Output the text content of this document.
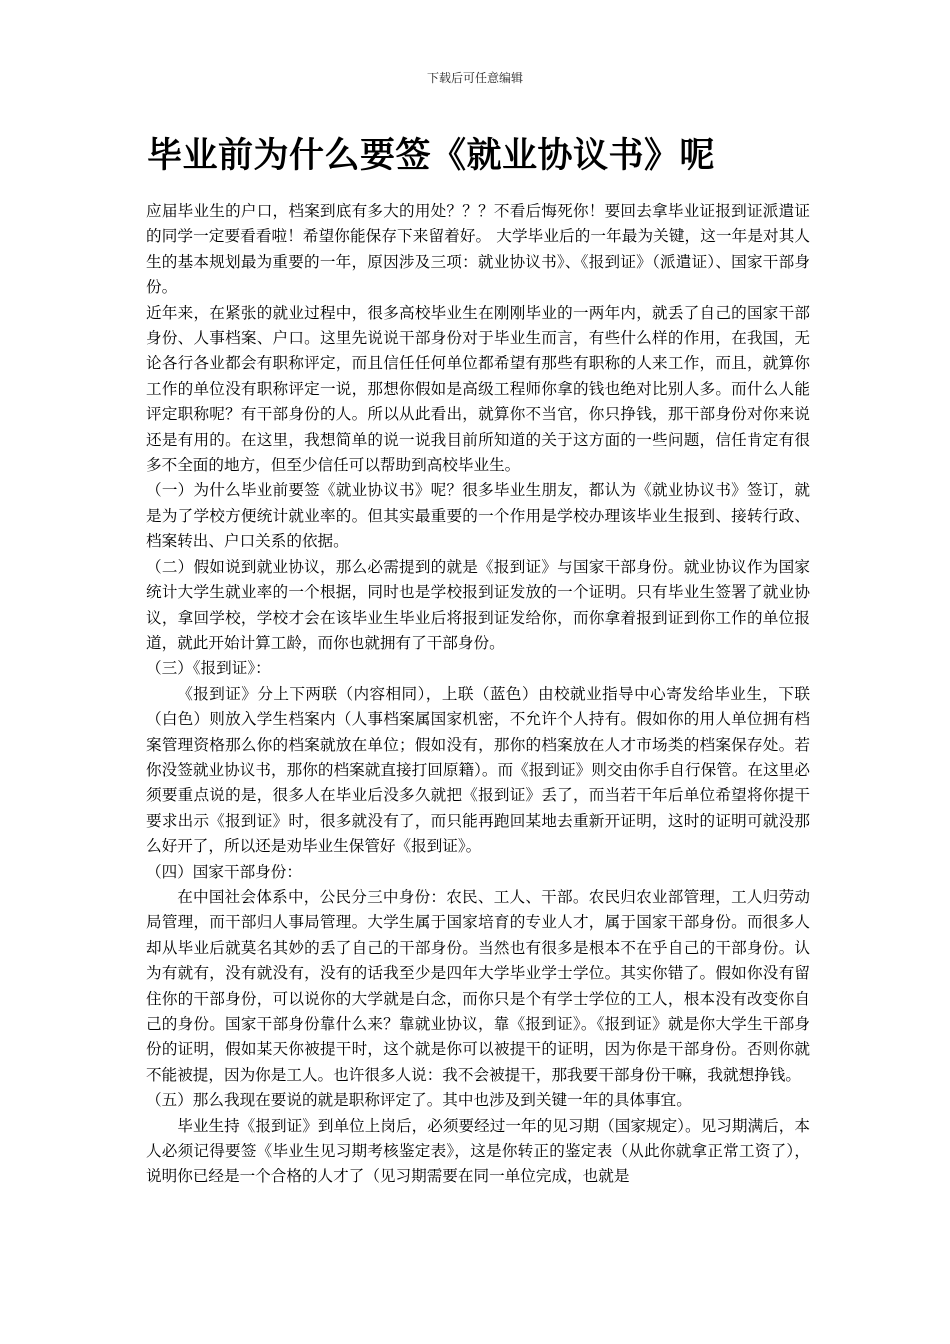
下载后可任意编辑
毕业前为什么要签《就业协议书》呢

应届毕业生的户口，档案到底有多大的用处？？？不看后悔死你！要回去拿毕业证报到证派遣证的同学一定要看看啦！希望你能保存下来留着好。 大学毕业后的一年最为关键，这一年是对其人生的基本规划最为重要的一年，原因涉及三项：就业协议书》、《报到证》（派遣证）、国家干部身份。

近年来，在紧张的就业过程中，很多高校毕业生在刚刚毕业的一两年内，就丢了自己的国家干部身份、人事档案、户口。这里先说说干部身份对于毕业生而言，有些什么样的作用，在我国，无论各行各业都会有职称评定，而且信任任何单位都希望有那些有职称的人来工作，而且，就算你工作的单位没有职称评定一说，那想你假如是高级工程师你拿的钱也绝对比别人多。而什么人能评定职称呢？有干部身份的人。所以从此看出，就算你不当官，你只挣钱，那干部身份对你来说还是有用的。在这里，我想简单的说一说我目前所知道的关于这方面的一些问题，信任肯定有很多不全面的地方，但至少信任可以帮助到高校毕业生。

（一）为什么毕业前要签《就业协议书》呢？很多毕业生朋友，都认为《就业协议书》签订，就是为了学校方便统计就业率的。但其实最重要的一个作用是学校办理该毕业生报到、接转行政、档案转出、户口关系的依据。

（二）假如说到就业协议，那么必需提到的就是《报到证》与国家干部身份。就业协议作为国家统计大学生就业率的一个根据，同时也是学校报到证发放的一个证明。只有毕业生签署了就业协议，拿回学校，学校才会在该毕业生毕业后将报到证发给你，而你拿着报到证到你工作的单位报道，就此开始计算工龄，而你也就拥有了干部身份。

（三）《报到证》：

《报到证》分上下两联（内容相同），上联（蓝色）由校就业指导中心寄发给毕业生，下联（白色）则放入学生档案内（人事档案属国家机密，不允许个人持有。假如你的用人单位拥有档案管理资格那么你的档案就放在单位；假如没有，那你的档案放在人才市场类的档案保存处。若你没签就业协议书，那你的档案就直接打回原籍）。而《报到证》则交由你手自行保管。在这里必须要重点说的是，很多人在毕业后没多久就把《报到证》丢了，而当若干年后单位希望将你提干要求出示《报到证》时，很多就没有了，而只能再跑回某地去重新开证明，这时的证明可就没那么好开了，所以还是劝毕业生保管好《报到证》。

（四）国家干部身份：

在中国社会体系中，公民分三中身份：农民、工人、干部。农民归农业部管理，工人归劳动局管理，而干部归人事局管理。大学生属于国家培育的专业人才，属于国家干部身份。而很多人却从毕业后就莫名其妙的丢了自己的干部身份。当然也有很多是根本不在乎自己的干部身份。认为有就有，没有就没有，没有的话我至少是四年大学毕业学士学位。其实你错了。假如你没有留住你的干部身份，可以说你的大学就是白念，而你只是个有学士学位的工人，根本没有改变你自己的身份。国家干部身份靠什么来？靠就业协议，靠《报到证》。《报到证》就是你大学生干部身份的证明，假如某天你被提干时，这个就是你可以被提干的证明，因为你是干部身份。否则你就不能被提，因为你是工人。也许很多人说：我不会被提干，那我要干部身份干嘛，我就想挣钱。

（五）那么我现在要说的就是职称评定了。其中也涉及到关键一年的具体事宜。

毕业生持《报到证》到单位上岗后，必须要经过一年的见习期（国家规定）。见习期满后，本人必须记得要签《毕业生见习期考核鉴定表》，这是你转正的鉴定表（从此你就拿正常工资了），说明你已经是一个合格的人才了（见习期需要在同一单位完成，也就是
